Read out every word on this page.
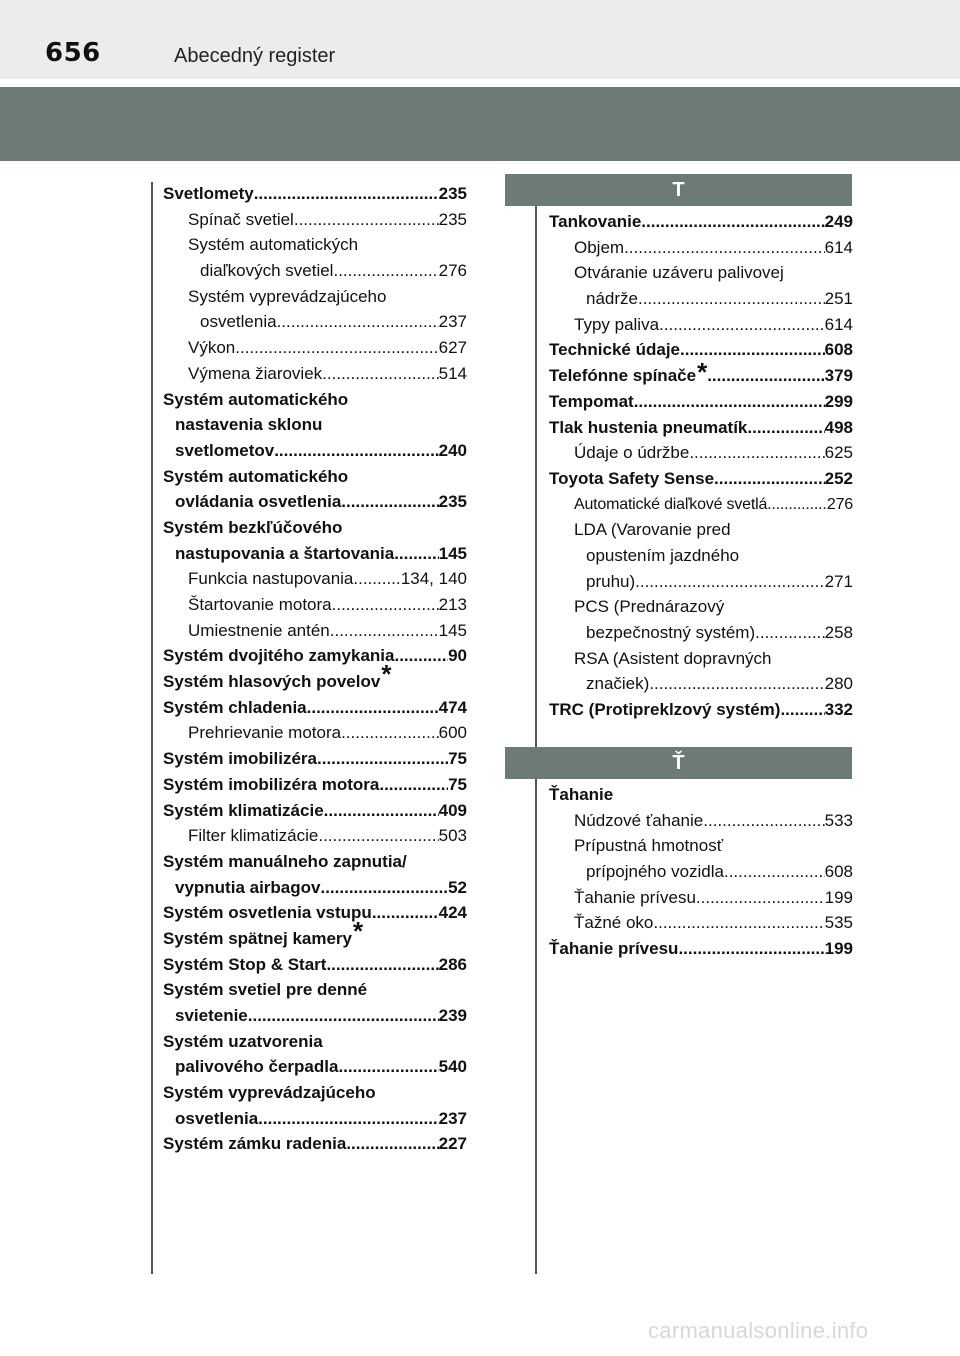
656	Abecedný register
Svetlomety .....	235
Spínač svetiel .....	235
Systém automatických
diaľkových svetiel .....	276
Systém vyprevádzajúceho
osvetlenia .....	237
Výkon .....	627
Výmena žiaroviek .....	514
Systém automatického
nastavenia sklonu
svetlometov .....	240
Systém automatického
ovládania osvetlenia .....	235
Systém bezkľúčového
nastupovania a štartovania .....	145
Funkcia nastupovania .....	134, 140
Štartovanie motora .....	213
Umiestnenie antén .....	145
Systém dvojitého zamykania .....	90
Systém hlasových povelov*
Systém chladenia .....	474
Prehrievanie motora .....	600
Systém imobilizéra .....	75
Systém imobilizéra motora .....	75
Systém klimatizácie .....	409
Filter klimatizácie .....	503
Systém manuálneho zapnutia/
vypnutia airbagov .....	52
Systém osvetlenia vstupu .....	424
Systém spätnej kamery*
Systém Stop & Start .....	286
Systém svetiel pre denné
svietenie .....	239
Systém uzatvorenia
palivového čerpadla .....	540
Systém vyprevádzajúceho
osvetlenia .....	237
Systém zámku radenia .....	227
T
Ť
Tankovanie .....	249
Objem .....	614
Otváranie uzáveru palivovej
nádrže .....	251
Typy paliva .....	614
Technické údaje .....	608
Telefónne spínače * .....	379
Tempomat .....	299
Tlak hustenia pneumatík .....	498
Údaje o údržbe .....	625
Toyota Safety Sense .....	252
Automatické diaľkové svetlá .....	276
LDA (Varovanie pred
opustením jazdného
pruhu) .....	271
PCS (Prednárazový
bezpečnostný systém) .....	258
RSA (Asistent dopravných
značiek) .....	280
TRC (Protipreklzový systém) .....	332
Ťahanie
Núdzové ťahanie .....	533
Prípustná hmotnosť
prípojného vozidla .....	608
Ťahanie prívesu .....	199
Ťažné oko .....	535
Ťahanie prívesu .....	199
carmanualsonline.info
